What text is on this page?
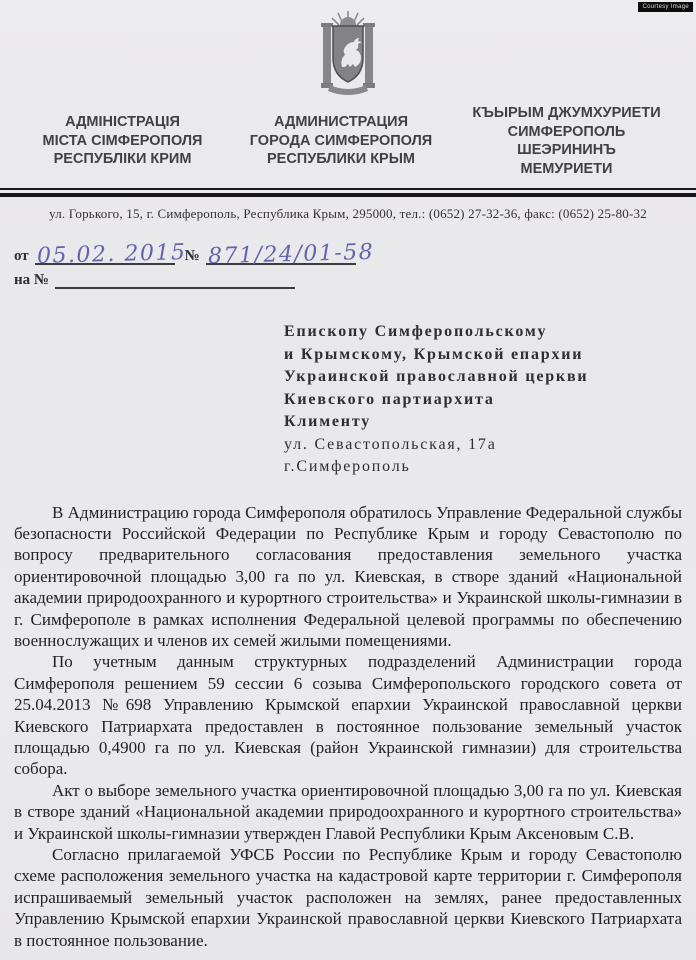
Courtesy Image
АДМІНІСТРАЦІЯ
МІСТА СІМФЕРОПОЛЯ
РЕСПУБЛІКИ КРИМ
АДМИНИСТРАЦИЯ
ГОРОДА СИМФЕРОПОЛЯ
РЕСПУБЛИКИ КРЫМ
КЪЫРЫМ ДЖУМХУРИЕТИ
СИМФЕРОПОЛЬ
ШЕЭРИНИНЪ
МЕМУРИЕТИ
ул. Горького, 15, г. Симферополь, Республика Крым, 295000, тел.: (0652) 27-32-36, факс: (0652) 25-80-32
от 05.02. 2015
№ 871/24/01-58
на №
Епископу Симферопольскому
и Крымскому, Крымской епархии
Украинской православной церкви
Киевского партиархита
Клименту
ул. Севастопольская, 17а
г.Симферополь

В Администрацию города Симферополя обратилось Управление Федеральной службы безопасности Российской Федерации по Республике Крым и городу Севастополю по вопросу предварительного согласования предоставления земельного участка ориентировочной площадью 3,00 га по ул. Киевская, в створе зданий «Национальной академии природоохранного и курортного строительства» и Украинской школы-гимназии в г. Симферополе в рамках исполнения Федеральной целевой программы по обеспечению военнослужащих и членов их семей жилыми помещениями.

По учетным данным структурных подразделений Администрации города Симферополя решением 59 сессии 6 созыва Симферопольского городского совета от 25.04.2013 №698 Управлению Крымской епархии Украинской православной церкви Киевского Патриархата предоставлен в постоянное пользование земельный участок площадью 0,4900 га по ул. Киевская (район Украинской гимназии) для строительства собора.

Акт о выборе земельного участка ориентировочной площадью 3,00 га по ул. Киевская в створе зданий «Национальной академии природоохранного и курортного строительства» и Украинской школы-гимназии утвержден Главой Республики Крым Аксеновым С.В.

Согласно прилагаемой УФСБ России по Республике Крым и городу Севастополю схеме расположения земельного участка на кадастровой карте территории г. Симферополя испрашиваемый земельный участок расположен на землях, ранее предоставленных Управлению Крымской епархии Украинской православной церкви Киевского Патриархата в постоянное пользование.
